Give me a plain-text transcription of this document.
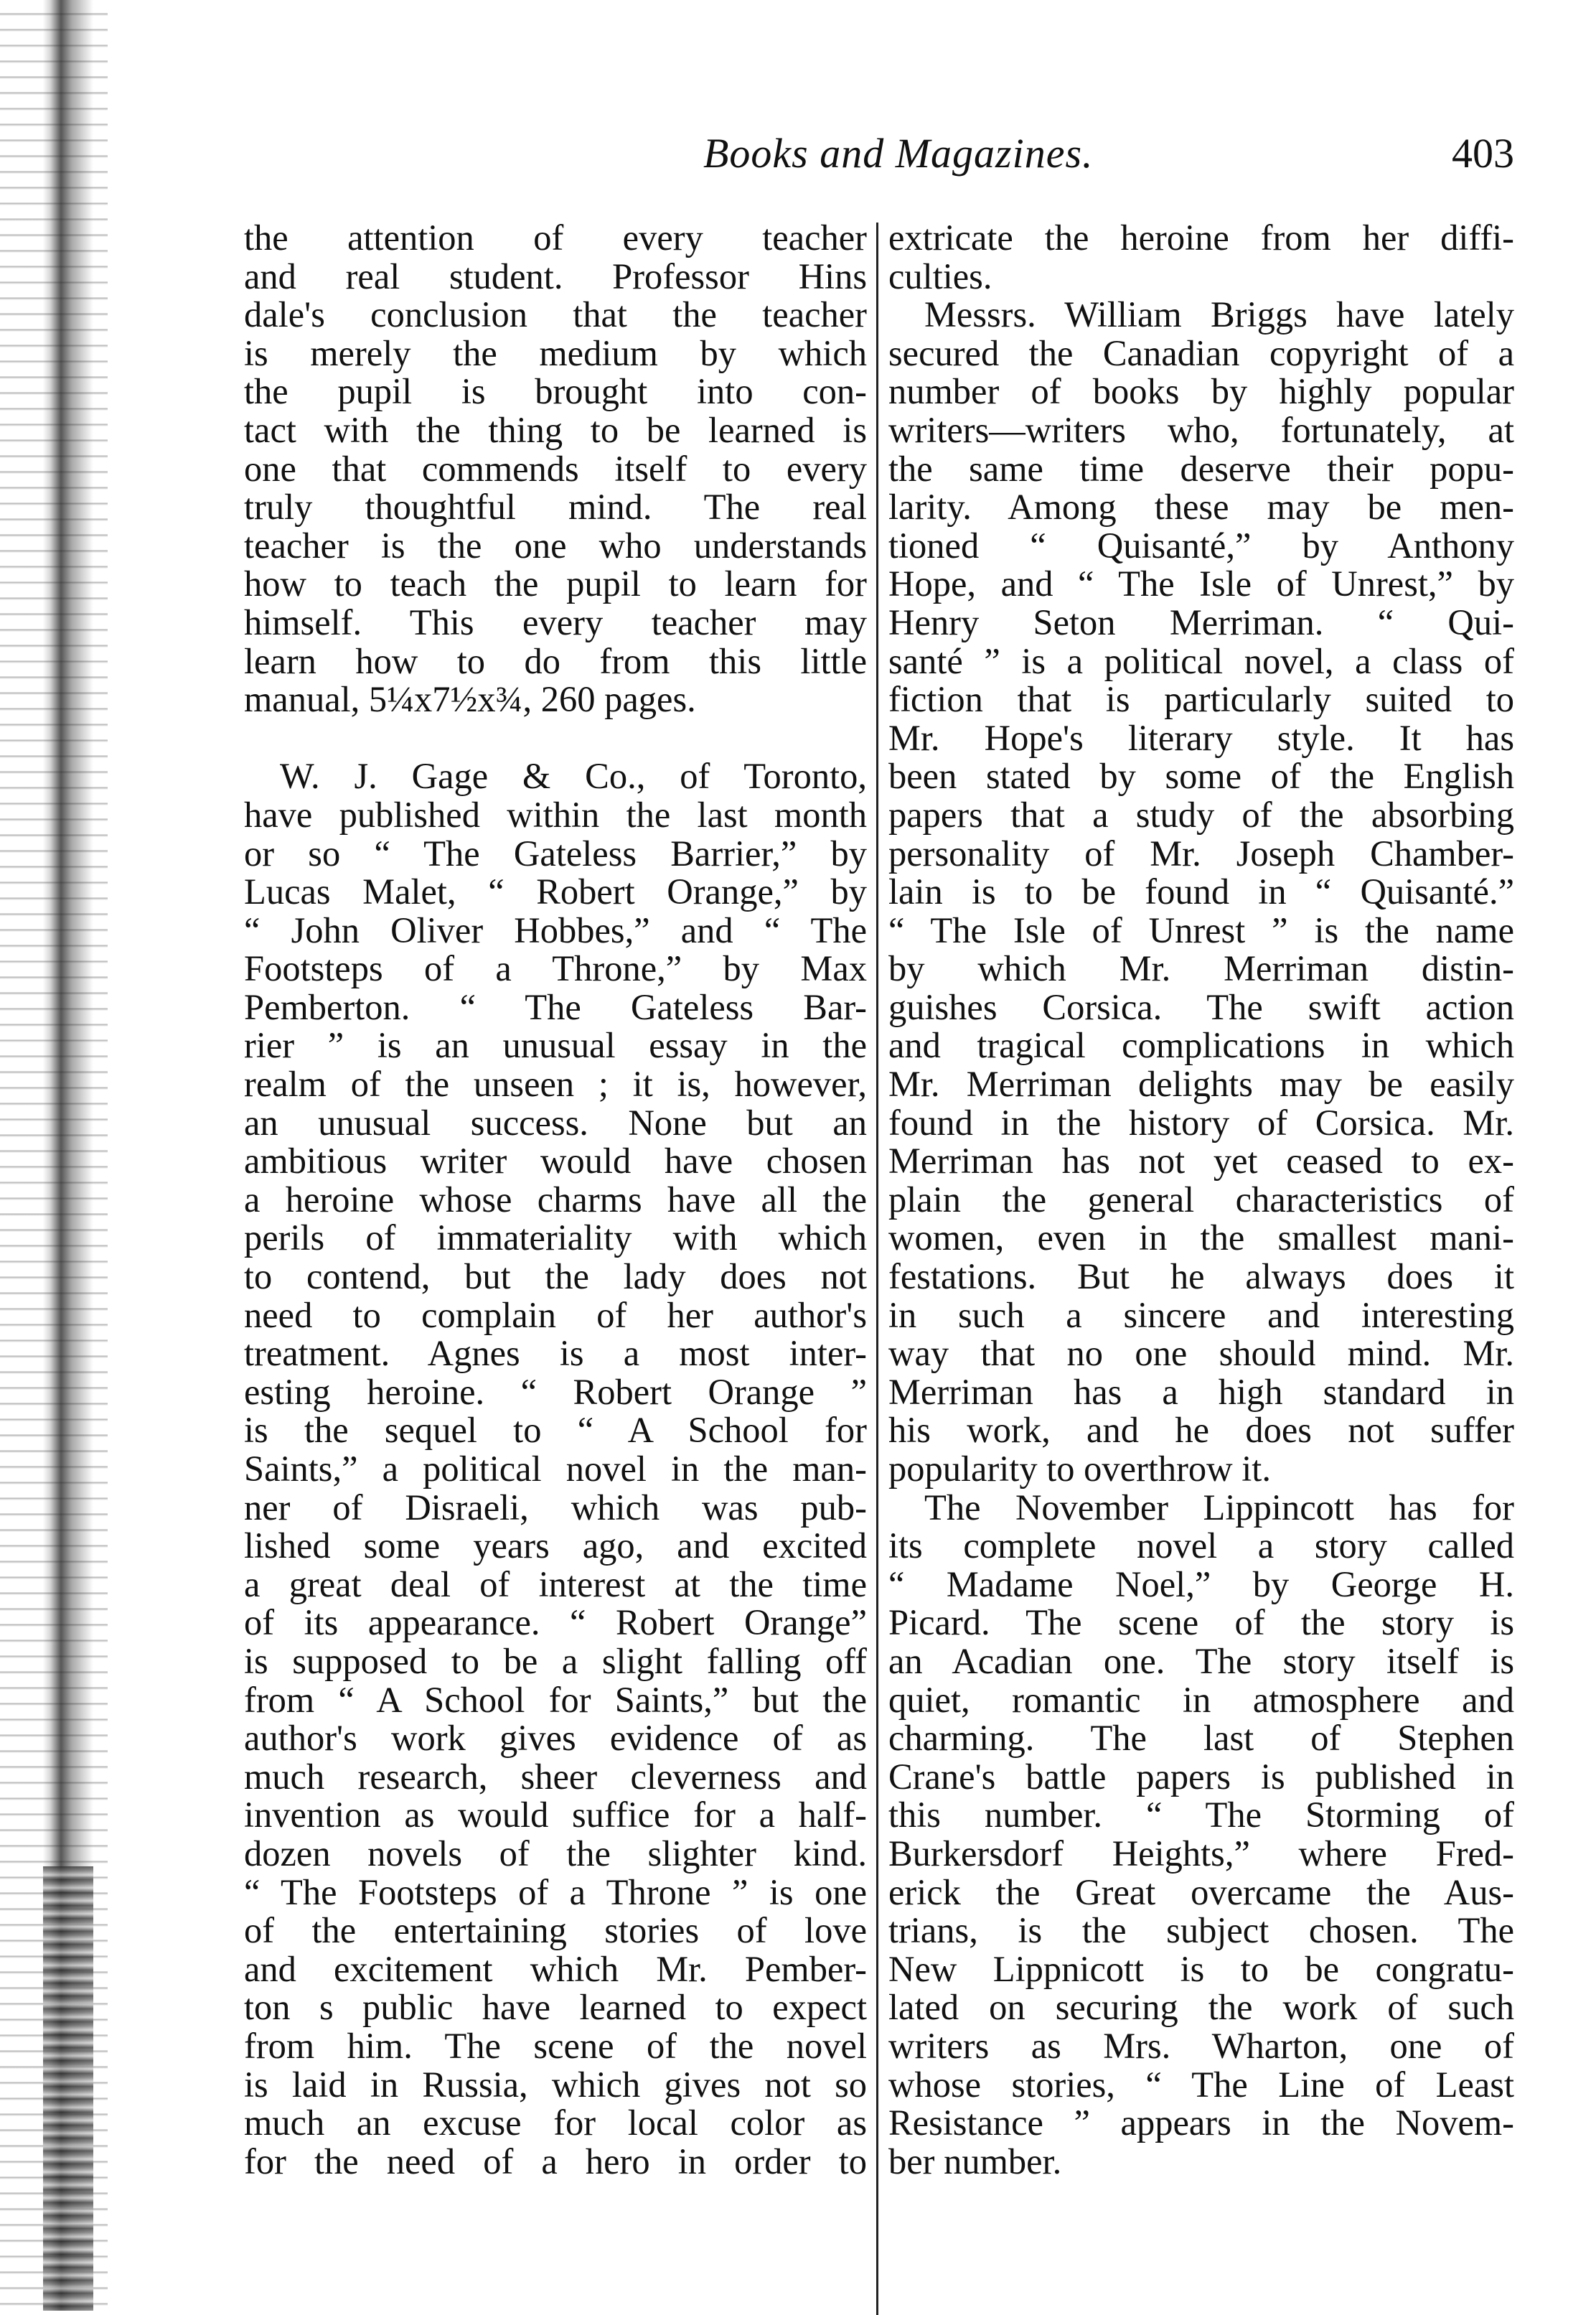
Books and Magazines.	403
the attention of every teacher
and real student. Professor Hins
dale's conclusion that the teacher
is merely the medium by which
the pupil is brought into con-
tact with the thing to be learned is
one that commends itself to every
truly thoughtful mind. The real
teacher is the one who understands
how to teach the pupil to learn for
himself. This every teacher may
learn how to do from this little
manual, 5¼x7½x¾, 260 pages.
W. J. Gage & Co., of Toronto,
have published within the last month
or so “ The Gateless Barrier,” by
Lucas Malet, “ Robert Orange,” by
“ John Oliver Hobbes,” and “ The
Footsteps of a Throne,” by Max
Pemberton. “ The Gateless Bar-
rier ” is an unusual essay in the
realm of the unseen ; it is, however,
an unusual success. None but an
ambitious writer would have chosen
a heroine whose charms have all the
perils of immateriality with which
to contend, but the lady does not
need to complain of her author's
treatment. Agnes is a most inter-
esting heroine. “ Robert Orange ”
is the sequel to “ A School for
Saints,” a political novel in the man-
ner of Disraeli, which was pub-
lished some years ago, and excited
a great deal of interest at the time
of its appearance. “ Robert Orange”
is supposed to be a slight falling off
from “ A School for Saints,” but the
author's work gives evidence of as
much research, sheer cleverness and
invention as would suffice for a half-
dozen novels of the slighter kind.
“ The Footsteps of a Throne ” is one
of the entertaining stories of love
and excitement which Mr. Pember-
ton s public have learned to expect
from him. The scene of the novel
is laid in Russia, which gives not so
much an excuse for local color as
for the need of a hero in order to
extricate the heroine from her diffi-
culties.
Messrs. William Briggs have lately
secured the Canadian copyright of a
number of books by highly popular
writers—writers who, fortunately, at
the same time deserve their popu-
larity. Among these may be men-
tioned “ Quisanté,” by Anthony
Hope, and “ The Isle of Unrest,” by
Henry Seton Merriman. “ Qui-
santé ” is a political novel, a class of
fiction that is particularly suited to
Mr. Hope's literary style. It has
been stated by some of the English
papers that a study of the absorbing
personality of Mr. Joseph Chamber-
lain is to be found in “ Quisanté.”
“ The Isle of Unrest ” is the name
by which Mr. Merriman distin-
guishes Corsica. The swift action
and tragical complications in which
Mr. Merriman delights may be easily
found in the history of Corsica. Mr.
Merriman has not yet ceased to ex-
plain the general characteristics of
women, even in the smallest mani-
festations. But he always does it
in such a sincere and interesting
way that no one should mind. Mr.
Merriman has a high standard in
his work, and he does not suffer
popularity to overthrow it.
The November Lippincott has for
its complete novel a story called
“ Madame Noel,” by George H.
Picard. The scene of the story is
an Acadian one. The story itself is
quiet, romantic in atmosphere and
charming. The last of Stephen
Crane's battle papers is published in
this number. “ The Storming of
Burkersdorf Heights,” where Fred-
erick the Great overcame the Aus-
trians, is the subject chosen. The
New Lippnicott is to be congratu-
lated on securing the work of such
writers as Mrs. Wharton, one of
whose stories, “ The Line of Least
Resistance ” appears in the Novem-
ber number.
